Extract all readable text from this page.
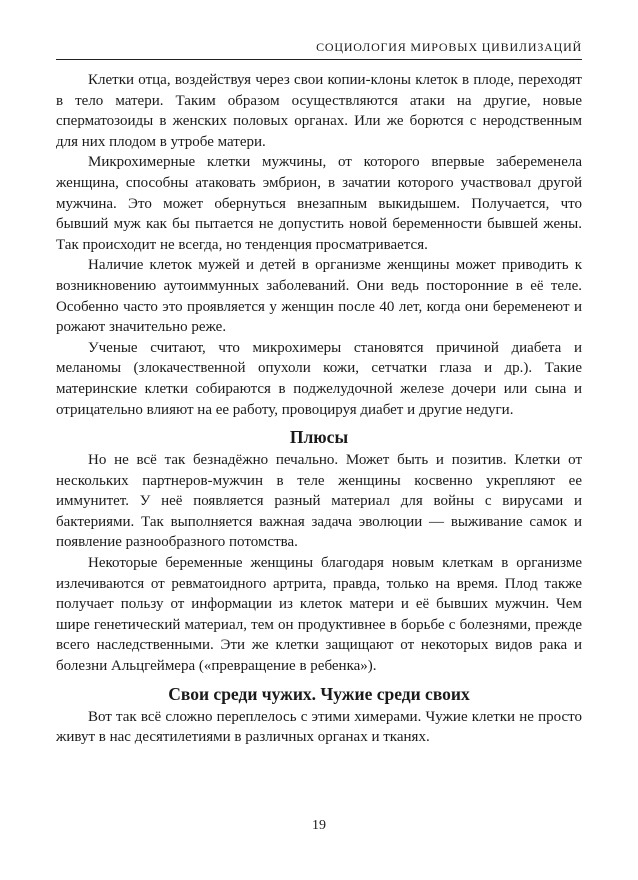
СОЦИОЛОГИЯ МИРОВЫХ ЦИВИЛИЗАЦИЙ

Клетки отца, воздействуя через свои копии-клоны клеток в плоде, переходят в тело матери. Таким образом осуществляются атаки на другие, новые сперматозоиды в женских половых органах. Или же борются с неродственным для них плодом в утробе матери.

Микрохимерные клетки мужчины, от которого впервые забеременела женщина, способны атаковать эмбрион, в зачатии которого участвовал другой мужчина. Это может обернуться внезапным выкидышем. Получается, что бывший муж как бы пытается не допустить новой беременности бывшей жены. Так происходит не всегда, но тенденция просматривается.

Наличие клеток мужей и детей в организме женщины может приводить к возникновению аутоиммунных заболеваний. Они ведь посторонние в её теле. Особенно часто это проявляется у женщин после 40 лет, когда они беременеют и рожают значительно реже.

Ученые считают, что микрохимеры становятся причиной диабета и меланомы (злокачественной опухоли кожи, сетчатки глаза и др.). Такие материнские клетки собираются в поджелудочной железе дочери или сына и отрицательно влияют на ее работу, провоцируя диабет и другие недуги.

Плюсы

Но не всё так безнадёжно печально. Может быть и позитив. Клетки от нескольких партнеров-мужчин в теле женщины косвенно укрепляют ее иммунитет. У неё появляется разный материал для войны с вирусами и бактериями. Так выполняется важная задача эволюции — выживание самок и появление разнообразного потомства.

Некоторые беременные женщины благодаря новым клеткам в организме излечиваются от ревматоидного артрита, правда, только на время. Плод также получает пользу от информации из клеток матери и её бывших мужчин. Чем шире генетический материал, тем он продуктивнее в борьбе с болезнями, прежде всего наследственными. Эти же клетки защищают от некоторых видов рака и болезни Альцгеймера («превращение в ребенка»).

Свои среди чужих. Чужие среди своих

Вот так всё сложно переплелось с этими химерами. Чужие клетки не просто живут в нас десятилетиями в различных органах и тканях.

19
